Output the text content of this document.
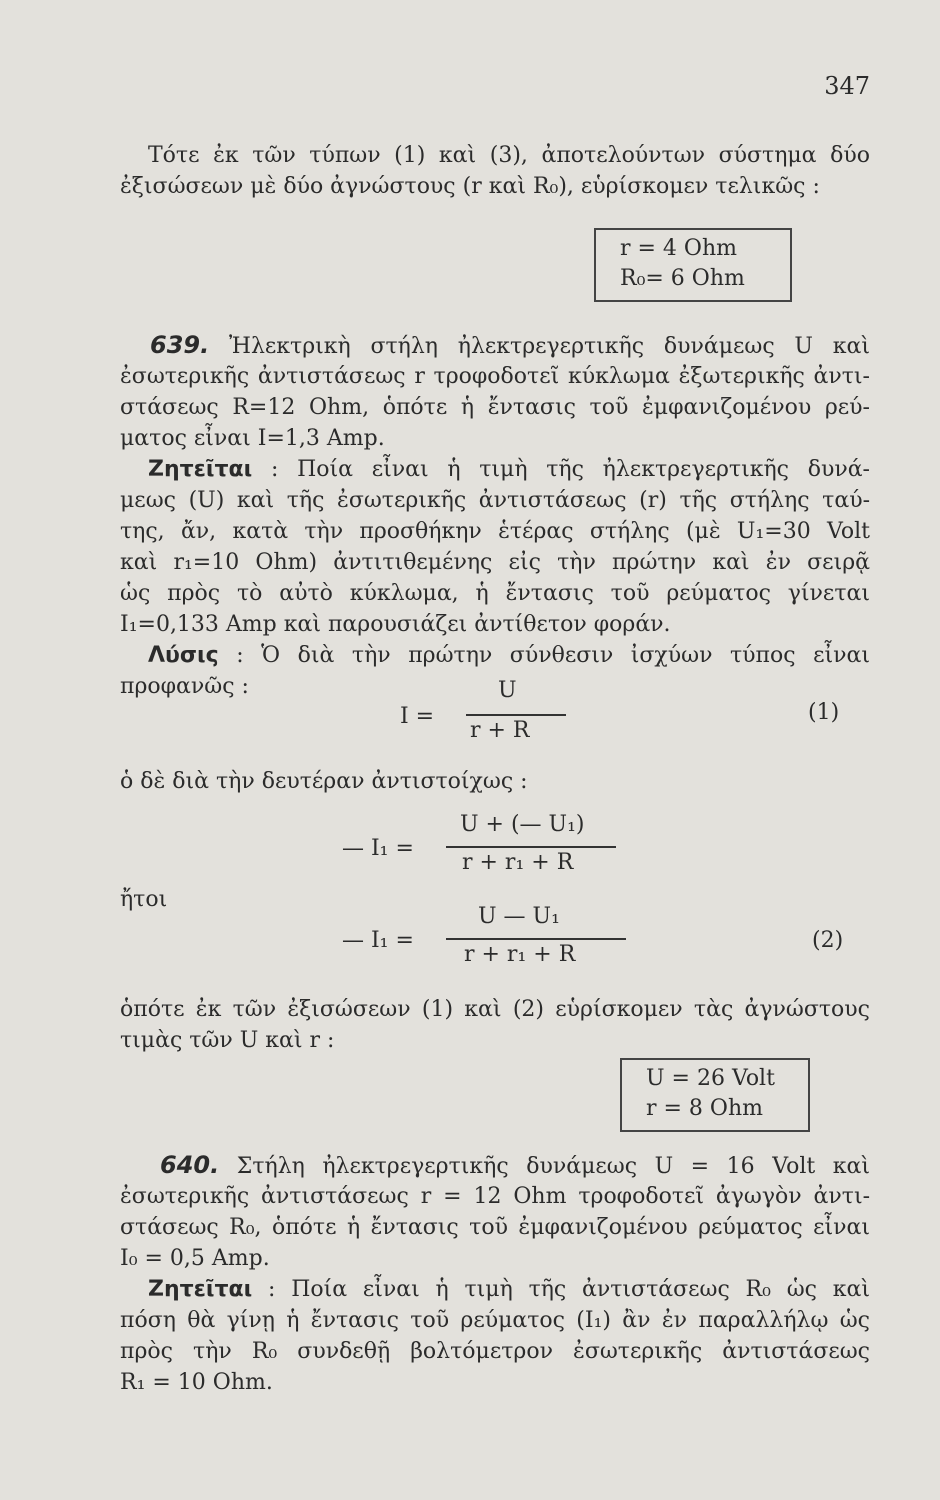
347
Τότε ἐκ τῶν τύπων (1) καὶ (3), ἀποτελούντων σύστημα δύο
ἐξισώσεων μὲ δύο ἀγνώστους (r καὶ R₀), εὑρίσκομεν τελικῶς :
r = 4 Ohm
R₀= 6 Ohm
639. Ἠλεκτρικὴ στήλη ἠλεκτρεγερτικῆς δυνάμεως U καὶ
ἐσωτερικῆς ἀντιστάσεως r τροφοδοτεῖ κύκλωμα ἐξωτερικῆς ἀντι-
στάσεως R=12 Ohm, ὁπότε ἡ ἔντασις τοῦ ἐμφανιζομένου ρεύ-
ματος εἶναι I=1,3 Amp.
Ζητεῖται : Ποία εἶναι ἡ τιμὴ τῆς ἠλεκτρεγερτικῆς δυνά-
μεως (U) καὶ τῆς ἐσωτερικῆς ἀντιστάσεως (r) τῆς στήλης ταύ-
της, ἄν, κατὰ τὴν προσθήκην ἑτέρας στήλης (μὲ U₁=30 Volt
καὶ r₁=10 Ohm) ἀντιτιθεμένης εἰς τὴν πρώτην καὶ ἐν σειρᾷ
ὡς πρὸς τὸ αὐτὸ κύκλωμα, ἡ ἔντασις τοῦ ρεύματος γίνεται
I₁=0,133 Amp καὶ παρουσιάζει ἀντίθετον φοράν.
Λύσις : Ὁ διὰ τὴν πρώτην σύνθεσιν ἰσχύων τύπος εἶναι
προφανῶς :
I =
U
r + R
(1)
ὁ δὲ διὰ τὴν δευτέραν ἀντιστοίχως :
— I₁ =
U + (— U₁)
r + r₁ + R
ἤτοι
— I₁ =
U — U₁
r + r₁ + R
(2)
ὁπότε ἐκ τῶν ἐξισώσεων (1) καὶ (2) εὑρίσκομεν τὰς ἀγνώστους
τιμὰς τῶν U καὶ r :
U = 26 Volt
r = 8 Ohm
640. Στήλη ἠλεκτρεγερτικῆς δυνάμεως U = 16 Volt καὶ
ἐσωτερικῆς ἀντιστάσεως r = 12 Ohm τροφοδοτεῖ ἀγωγὸν ἀντι-
στάσεως R₀, ὁπότε ἡ ἔντασις τοῦ ἐμφανιζομένου ρεύματος εἶναι
I₀ = 0,5 Amp.
Ζητεῖται : Ποία εἶναι ἡ τιμὴ τῆς ἀντιστάσεως R₀ ὡς καὶ
πόση θὰ γίνῃ ἡ ἔντασις τοῦ ρεύματος (I₁) ἂν ἐν παραλλήλῳ ὡς
πρὸς τὴν R₀ συνδεθῇ βολτόμετρον ἐσωτερικῆς ἀντιστάσεως
R₁ = 10 Ohm.
